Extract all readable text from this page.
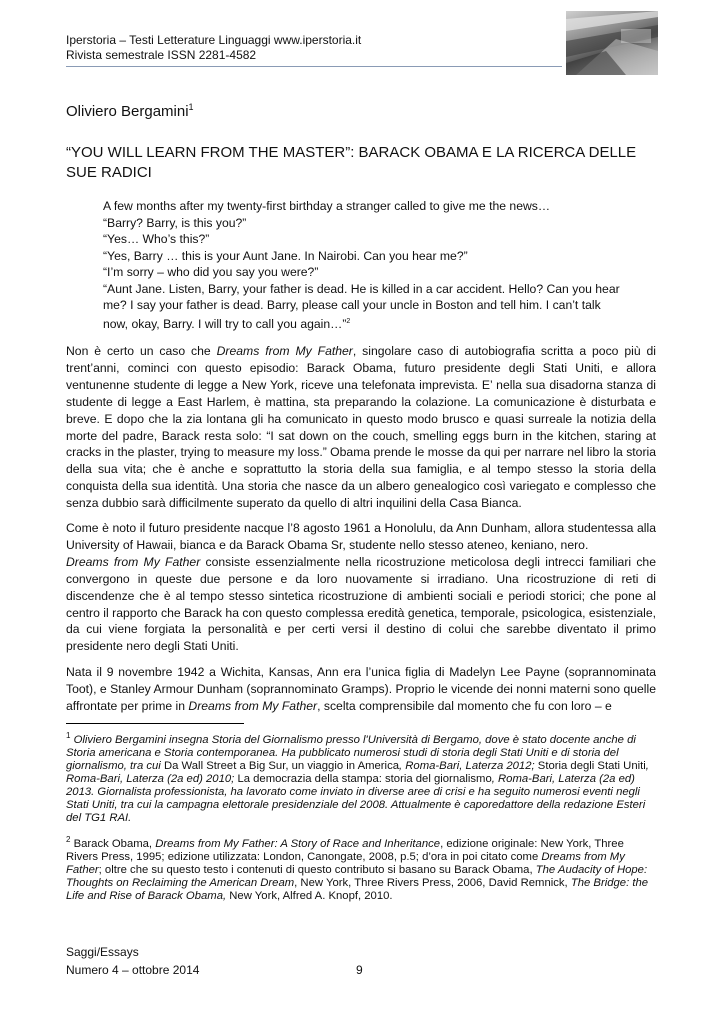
Iperstoria – Testi Letterature Linguaggi www.iperstoria.it
Rivista semestrale ISSN 2281-4582
Oliviero Bergamini$^1$
“YOU WILL LEARN FROM THE MASTER”: BARACK OBAMA E LA RICERCA DELLE SUE RADICI

A few months after my twenty-first birthday a stranger called to give me the news…

“Barry? Barry, is this you?”

“Yes… Who’s this?”

“Yes, Barry … this is your Aunt Jane. In Nairobi. Can you hear me?”

“I’m sorry – who did you say you were?”

“Aunt Jane. Listen, Barry, your father is dead. He is killed in a car accident. Hello? Can you hear me? I say your father is dead. Barry, please call your uncle in Boston and tell him. I can’t talk now, okay, Barry. I will try to call you again…”$^2$

Non è certo un caso che Dreams from My Father, singolare caso di autobiografia scritta a poco più di trent’anni, cominci con questo episodio: Barack Obama, futuro presidente degli Stati Uniti, e allora ventunenne studente di legge a New York, riceve una telefonata imprevista. E’ nella sua disadorna stanza di studente di legge a East Harlem, è mattina, sta preparando la colazione. La comunicazione è disturbata e breve. E dopo che la zia lontana gli ha comunicato in questo modo brusco e quasi surreale la notizia della morte del padre, Barack resta solo: “I sat down on the couch, smelling eggs burn in the kitchen, staring at cracks in the plaster, trying to measure my loss.” Obama prende le mosse da qui per narrare nel libro la storia della sua vita; che è anche e soprattutto la storia della sua famiglia, e al tempo stesso la storia della conquista della sua identità. Una storia che nasce da un albero genealogico così variegato e complesso che senza dubbio sarà difficilmente superato da quello di altri inquilini della Casa Bianca.

Come è noto il futuro presidente nacque l’8 agosto 1961 a Honolulu, da Ann Dunham, allora studentessa alla University of Hawaii, bianca e da Barack Obama Sr, studente nello stesso ateneo, keniano, nero.
Dreams from My Father consiste essenzialmente nella ricostruzione meticolosa degli intrecci familiari che convergono in queste due persone e da loro nuovamente si irradiano. Una ricostruzione di reti di discendenze che è al tempo stesso sintetica ricostruzione di ambienti sociali e periodi storici; che pone al centro il rapporto che Barack ha con questo complessa eredità genetica, temporale, psicologica, esistenziale, da cui viene forgiata la personalità e per certi versi il destino di colui che sarebbe diventato il primo presidente nero degli Stati Uniti.

Nata il 9 novembre 1942 a Wichita, Kansas, Ann era l’unica figlia di Madelyn Lee Payne (soprannominata Toot), e Stanley Armour Dunham (soprannominato Gramps). Proprio le vicende dei nonni materni sono quelle affrontate per prime in Dreams from My Father, scelta comprensibile dal momento che fu con loro – e

$^1$ Oliviero Bergamini insegna Storia del Giornalismo presso l'Università di Bergamo, dove è stato docente anche di Storia americana e Storia contemporanea. Ha pubblicato numerosi studi di storia degli Stati Uniti e di storia del giornalismo, tra cui Da Wall Street a Big Sur, un viaggio in America, Roma-Bari, Laterza 2012; Storia degli Stati Uniti, Roma-Bari, Laterza (2a ed) 2010; La democrazia della stampa: storia del giornalismo, Roma-Bari, Laterza (2a ed) 2013. Giornalista professionista, ha lavorato come inviato in diverse aree di crisi e ha seguito numerosi eventi negli Stati Uniti, tra cui la campagna elettorale presidenziale del 2008. Attualmente è caporedattore della redazione Esteri del TG1 RAI.

$^2$ Barack Obama, Dreams from My Father: A Story of Race and Inheritance, edizione originale: New York, Three Rivers Press, 1995; edizione utilizzata: London, Canongate, 2008, p.5; d’ora in poi citato come Dreams from My Father; oltre che su questo testo i contenuti di questo contributo si basano su Barack Obama, The Audacity of Hope: Thoughts on Reclaiming the American Dream, New York, Three Rivers Press, 2006, David Remnick, The Bridge: the Life and Rise of Barack Obama, New York, Alfred A. Knopf, 2010.

Saggi/Essays
Numero 4 – ottobre 2014	9
